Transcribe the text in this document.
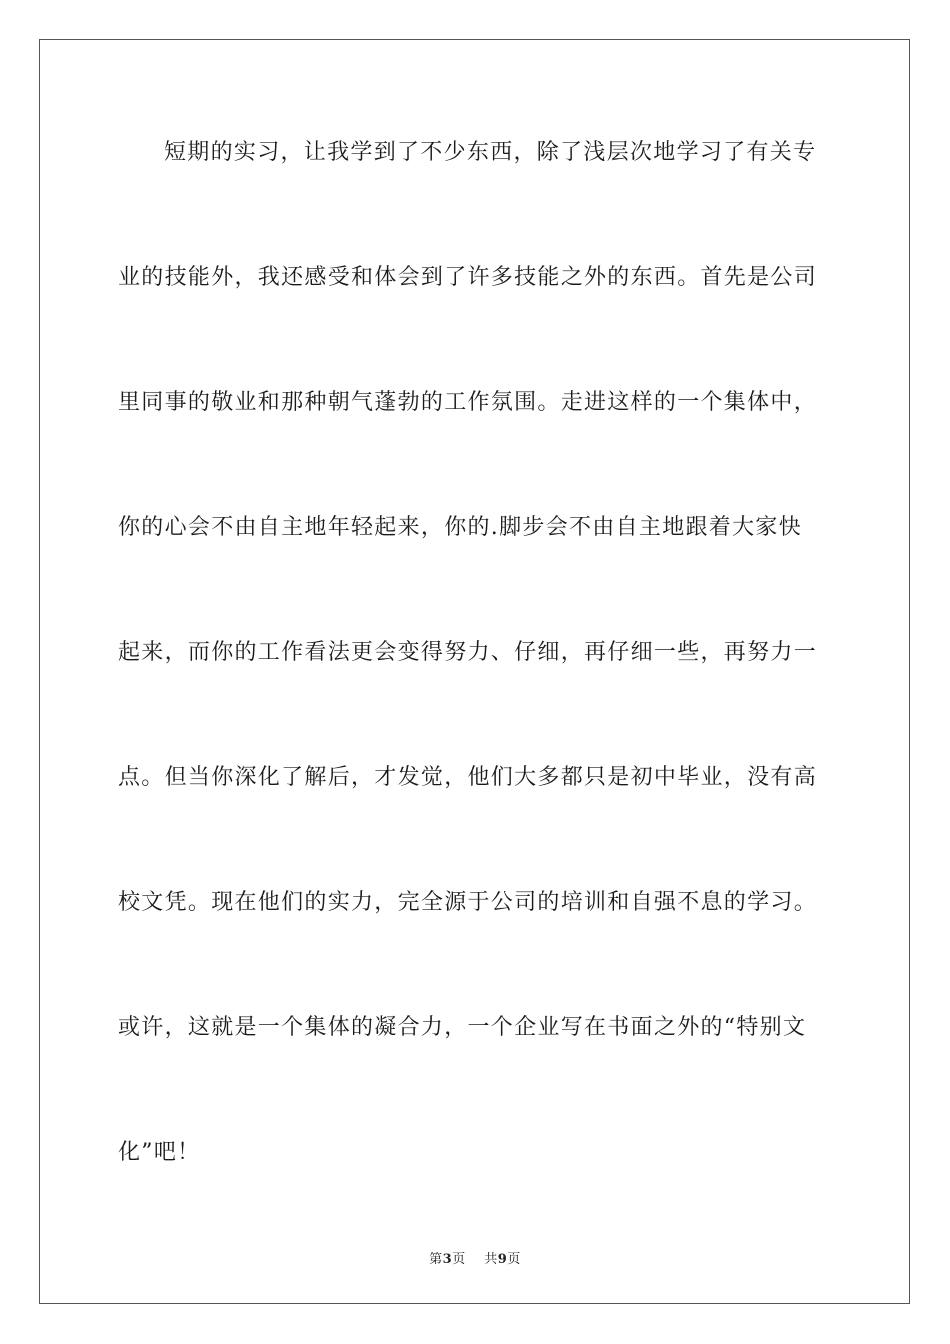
短期的实习，让我学到了不少东西，除了浅层次地学习了有关专
业的技能外，我还感受和体会到了许多技能之外的东西。首先是公司
里同事的敬业和那种朝气蓬勃的工作氛围。走进这样的一个集体中，
你的心会不由自主地年轻起来，你的.脚步会不由自主地跟着大家快
起来，而你的工作看法更会变得努力、仔细，再仔细一些，再努力一
点。但当你深化了解后，才发觉，他们大多都只是初中毕业，没有高
校文凭。现在他们的实力，完全源于公司的培训和自强不息的学习。
或许，这就是一个集体的凝合力，一个企业写在书面之外的“特别文
化”吧！
第3页 共9页
